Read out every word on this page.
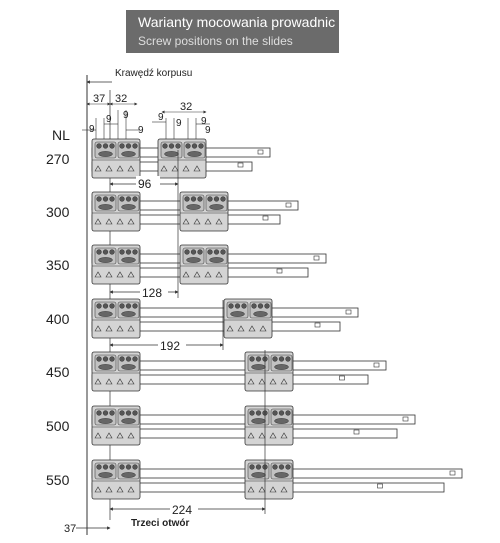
Warianty mocowania prowadnic
Screw positions on the slides
Krawędź korpusu
NL
37 32
32
9
9 9
9
9
9 9
9
270
300
350
400
450
500
550
96
128
192
224
37	Trzeci otwór
